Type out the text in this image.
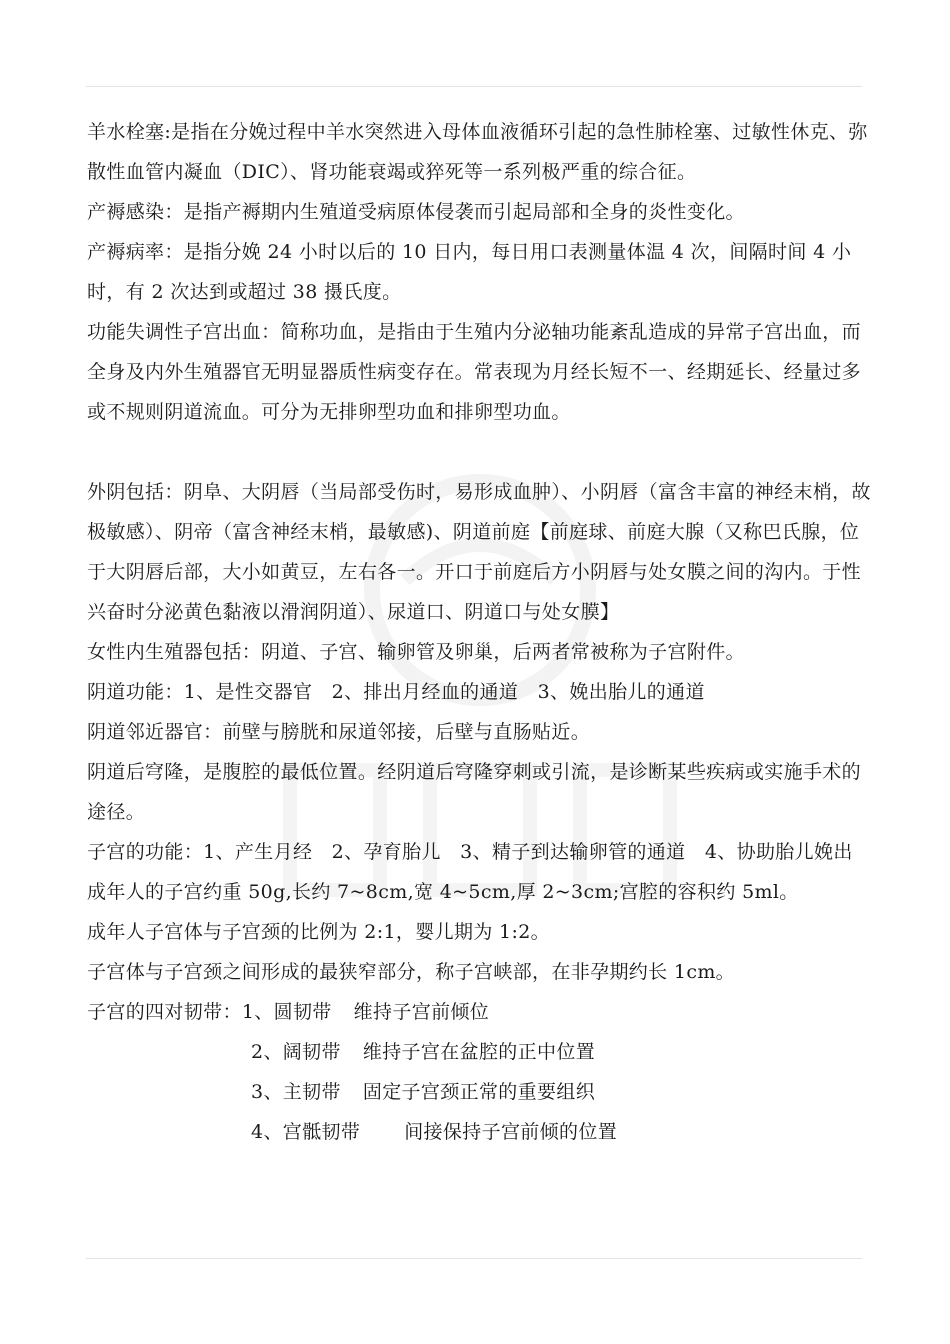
羊水栓塞:是指在分娩过程中羊水突然进入母体血液循环引起的急性肺栓塞、过敏性休克、弥散性血管内凝血（DIC）、肾功能衰竭或猝死等一系列极严重的综合征。

产褥感染：是指产褥期内生殖道受病原体侵袭而引起局部和全身的炎性变化。

产褥病率：是指分娩 24 小时以后的 10 日内，每日用口表测量体温 4 次，间隔时间 4 小时，有 2 次达到或超过 38 摄氏度。

功能失调性子宫出血：简称功血，是指由于生殖内分泌轴功能紊乱造成的异常子宫出血，而全身及内外生殖器官无明显器质性病变存在。常表现为月经长短不一、经期延长、经量过多或不规则阴道流血。可分为无排卵型功血和排卵型功血。

外阴包括：阴阜、大阴唇（当局部受伤时，易形成血肿）、小阴唇（富含丰富的神经末梢，故极敏感）、阴帝（富含神经末梢，最敏感)、阴道前庭【前庭球、前庭大腺（又称巴氏腺，位于大阴唇后部，大小如黄豆，左右各一。开口于前庭后方小阴唇与处女膜之间的沟内。于性兴奋时分泌黄色黏液以滑润阴道）、尿道口、阴道口与处女膜】

女性内生殖器包括：阴道、子宫、输卵管及卵巢，后两者常被称为子宫附件。

阴道功能：1、是性交器官　2、排出月经血的通道　3、娩出胎儿的通道

阴道邻近器官：前壁与膀胱和尿道邻接，后壁与直肠贴近。

阴道后穹隆，是腹腔的最低位置。经阴道后穹隆穿刺或引流，是诊断某些疾病或实施手术的途径。

子宫的功能：1、产生月经　2、孕育胎儿　3、精子到达输卵管的通道　4、协助胎儿娩出

成年人的子宫约重 50g,长约 7~8cm,宽 4~5cm,厚 2~3cm;宫腔的容积约 5ml。

成年人子宫体与子宫颈的比例为 2:1，婴儿期为 1:2。

子宫体与子宫颈之间形成的最狭窄部分，称子宫峡部，在非孕期约长 1cm。

子宫的四对韧带：1、圆韧带 维持子宫前倾位

2、阔韧带 维持子宫在盆腔的正中位置

3、主韧带 固定子宫颈正常的重要组织

4、宫骶韧带 间接保持子宫前倾的位置
